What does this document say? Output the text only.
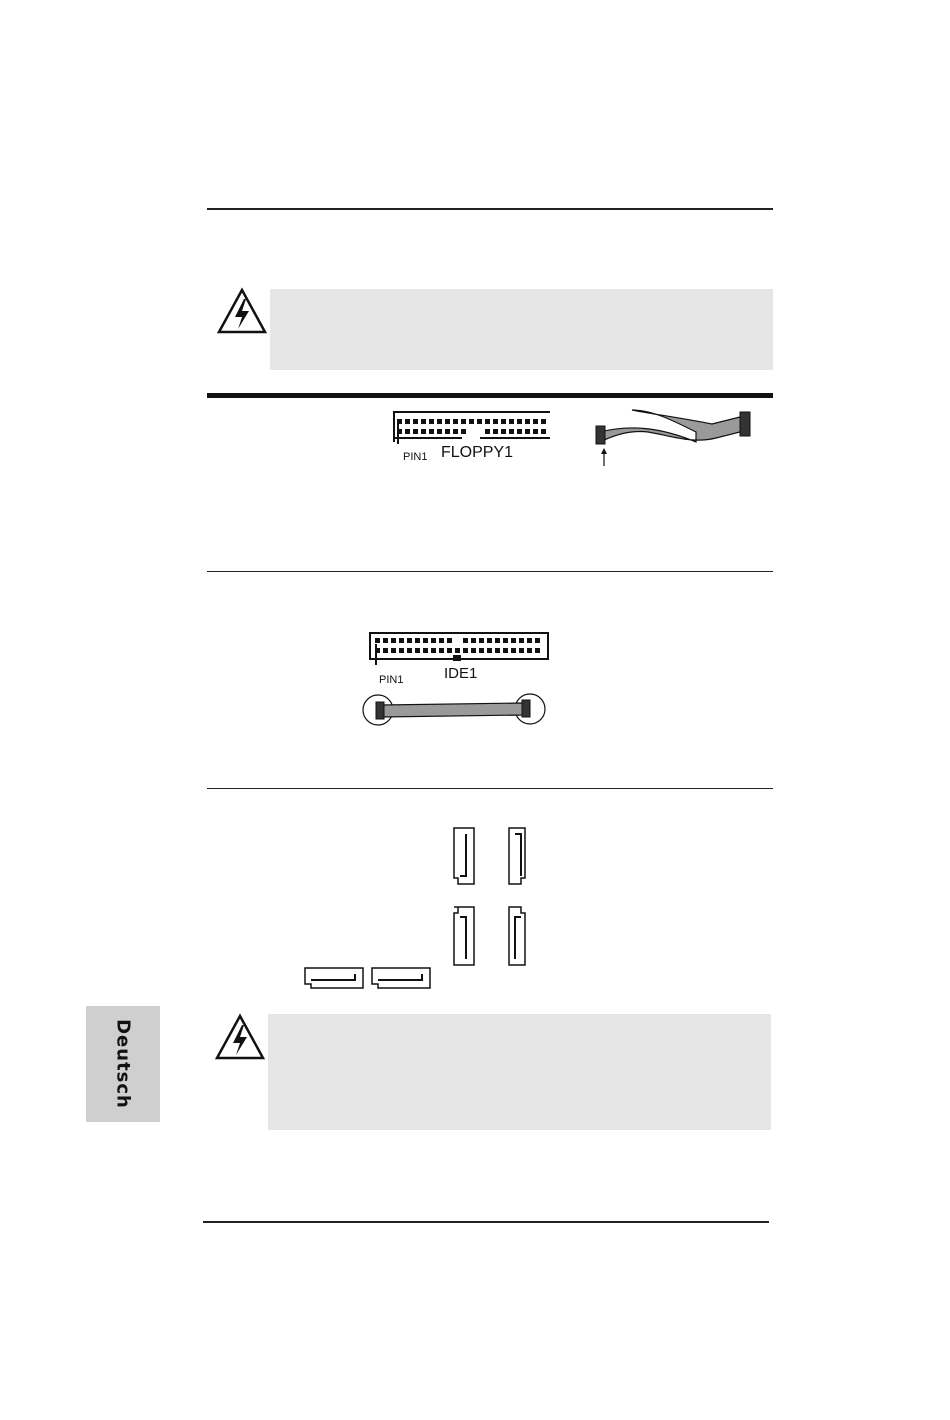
PIN1 FLOPPY1
PIN1	IDE1
Deutsch
